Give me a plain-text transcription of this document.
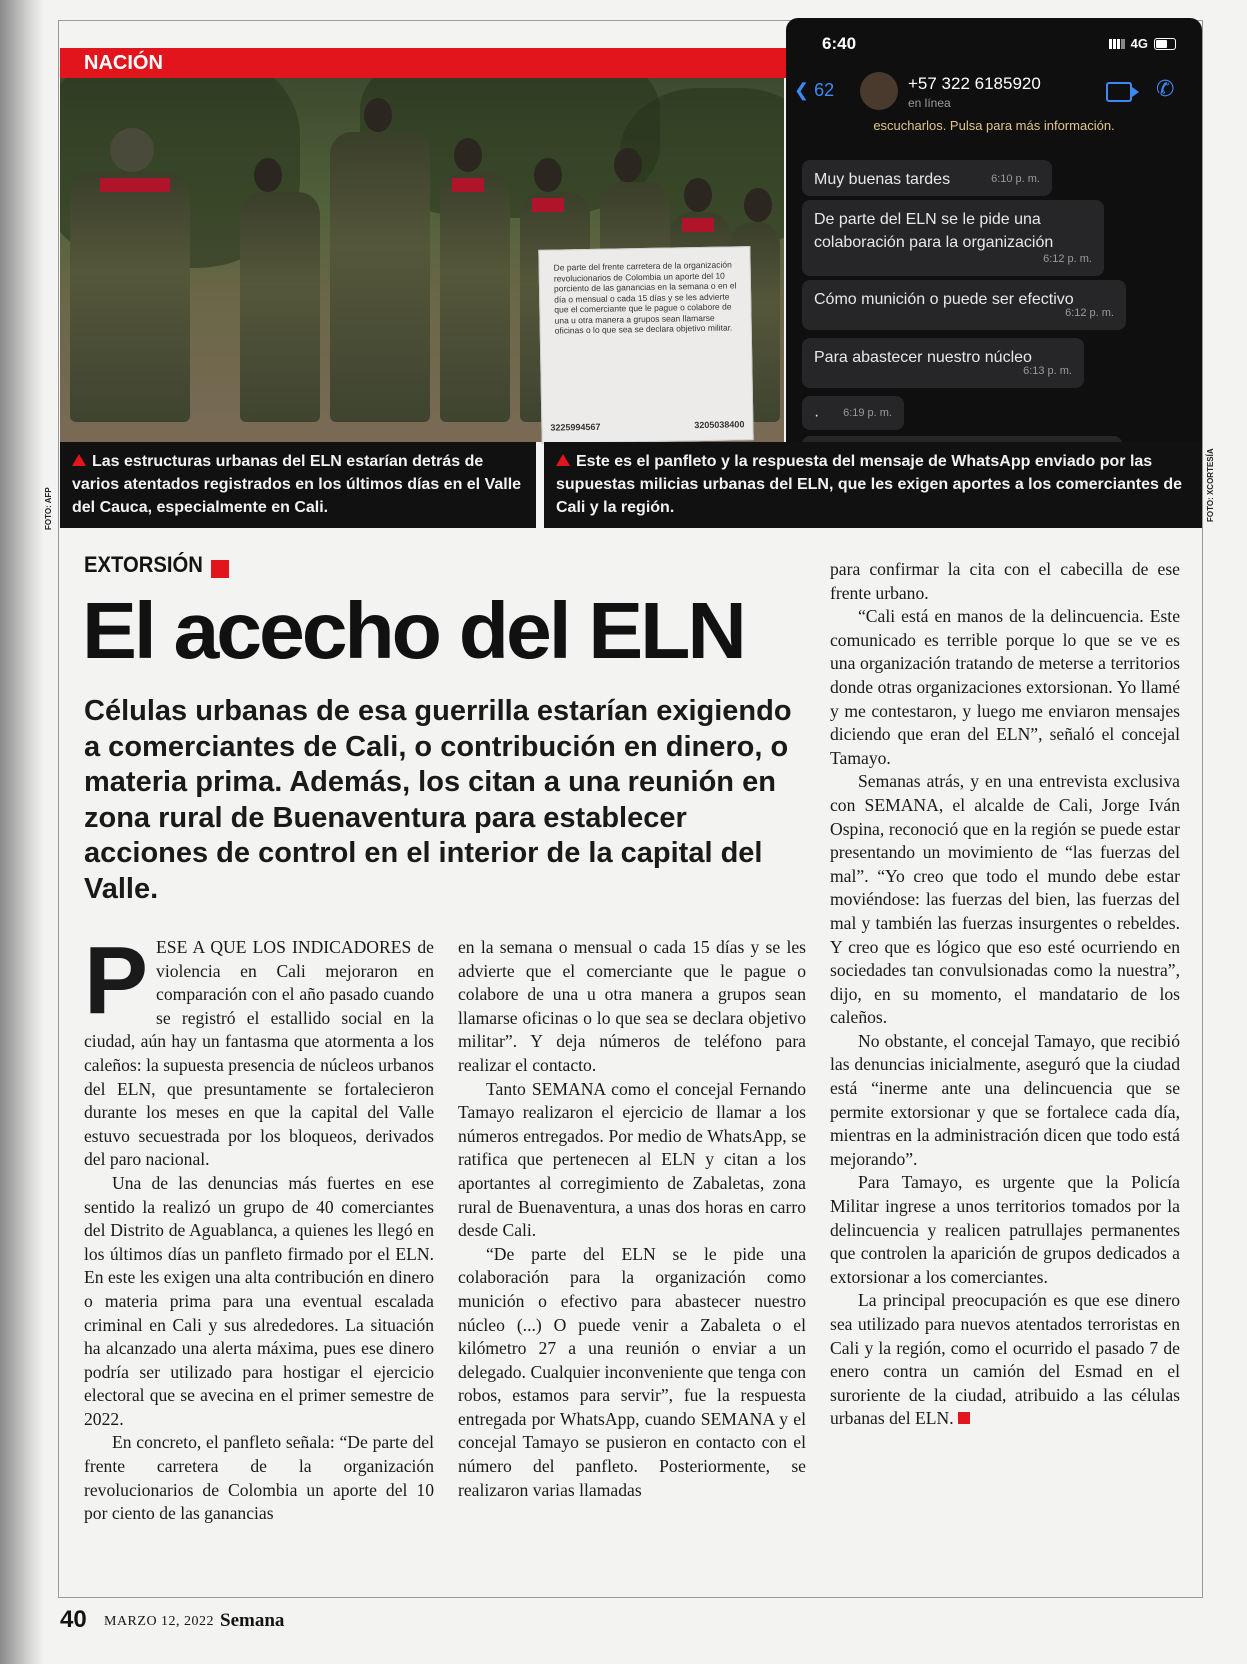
NACIÓN
De parte del frente carretera de la organización revolucionarios de Colombia un aporte del 10 porciento de las ganancias en la semana o en el día o mensual o cada 15 días y se les advierte que el comerciante que le pague o colabore de una u otra manera a grupos sean llamarse oficinas o lo que sea se declara objetivo militar.
3225994567	3205038400
6:40	4G
❮ 62	+57 322 6185920
en línea
✆
escucharlos. Pulsa para más información.
Muy buenas tardes	6:10 p. m.
De parte del ELN se le pide una colaboración para la organización
6:12 p. m.
Cómo munición o puede ser efectivo
6:12 p. m.
Para abastecer nuestro núcleo
6:13 p. m.
· 6:19 p. m.
Las estructuras urbanas del ELN estarían detrás de varios atentados registrados en los últimos días en el Valle del Cauca, especialmente en Cali.
Este es el panfleto y la respuesta del mensaje de WhatsApp enviado por las supuestas milicias urbanas del ELN, que les exigen aportes a los comerciantes de Cali y la región.
FOTO: AFP	FOTO: XCORTESÍA
EXTORSIÓN
El acecho del ELN
Células urbanas de esa guerrilla estarían exigiendo a comerciantes de Cali, o contribución en dinero, o materia prima. Además, los citan a una reunión en zona rural de Buenaventura para establecer acciones de control en el interior de la capital del Valle.
P ESE A QUE LOS INDICADORES de violencia en Cali mejoraron en comparación con el año pasado cuando se registró el estallido social en la ciudad, aún hay un fantasma que atormenta a los caleños: la supuesta presencia de núcleos urbanos del ELN, que presuntamente se fortalecieron durante los meses en que la capital del Valle estuvo secuestrada por los bloqueos, derivados del paro nacional.

Una de las denuncias más fuertes en ese sentido la realizó un grupo de 40 comerciantes del Distrito de Aguablanca, a quienes les llegó en los últimos días un panfleto firmado por el ELN. En este les exigen una alta contribución en dinero o materia prima para una eventual escalada criminal en Cali y sus alrededores. La situación ha alcanzado una alerta máxima, pues ese dinero podría ser utilizado para hostigar el ejercicio electoral que se avecina en el primer semestre de 2022.

En concreto, el panfleto señala: “De parte del frente carretera de la organización revolucionarios de Colombia un aporte del 10 por ciento de las ganancias

en la semana o mensual o cada 15 días y se les advierte que el comerciante que le pague o colabore de una u otra manera a grupos sean llamarse oficinas o lo que sea se declara objetivo militar”. Y deja números de teléfono para realizar el contacto.

Tanto SEMANA como el concejal Fernando Tamayo realizaron el ejercicio de llamar a los números entregados. Por medio de WhatsApp, se ratifica que pertenecen al ELN y citan a los aportantes al corregimiento de Zabaletas, zona rural de Buenaventura, a unas dos horas en carro desde Cali.

“De parte del ELN se le pide una colaboración para la organización como munición o efectivo para abastecer nuestro núcleo (...) O puede venir a Zabaleta o el kilómetro 27 a una reunión o enviar a un delegado. Cualquier inconveniente que tenga con robos, estamos para servir”, fue la respuesta entregada por WhatsApp, cuando SEMANA y el concejal Tamayo se pusieron en contacto con el número del panfleto. Posteriormente, se realizaron varias llamadas

para confirmar la cita con el cabecilla de ese frente urbano.

“Cali está en manos de la delincuencia. Este comunicado es terrible porque lo que se ve es una organización tratando de meterse a territorios donde otras organizaciones extorsionan. Yo llamé y me contestaron, y luego me enviaron mensajes diciendo que eran del ELN”, señaló el concejal Tamayo.

Semanas atrás, y en una entrevista exclusiva con SEMANA, el alcalde de Cali, Jorge Iván Ospina, reconoció que en la región se puede estar presentando un movimiento de “las fuerzas del mal”. “Yo creo que todo el mundo debe estar moviéndose: las fuerzas del bien, las fuerzas del mal y también las fuerzas insurgentes o rebeldes. Y creo que es lógico que eso esté ocurriendo en sociedades tan convulsionadas como la nuestra”, dijo, en su momento, el mandatario de los caleños.

No obstante, el concejal Tamayo, que recibió las denuncias inicialmente, aseguró que la ciudad está “inerme ante una delincuencia que se permite extorsionar y que se fortalece cada día, mientras en la administración dicen que todo está mejorando”.

Para Tamayo, es urgente que la Policía Militar ingrese a unos territorios tomados por la delincuencia y realicen patrullajes permanentes que controlen la aparición de grupos dedicados a extorsionar a los comerciantes.

La principal preocupación es que ese dinero sea utilizado para nuevos atentados terroristas en Cali y la región, como el ocurrido el pasado 7 de enero contra un camión del Esmad en el suroriente de la ciudad, atribuido a las células urbanas del ELN.

40 MARZO 12, 2022 Semana
